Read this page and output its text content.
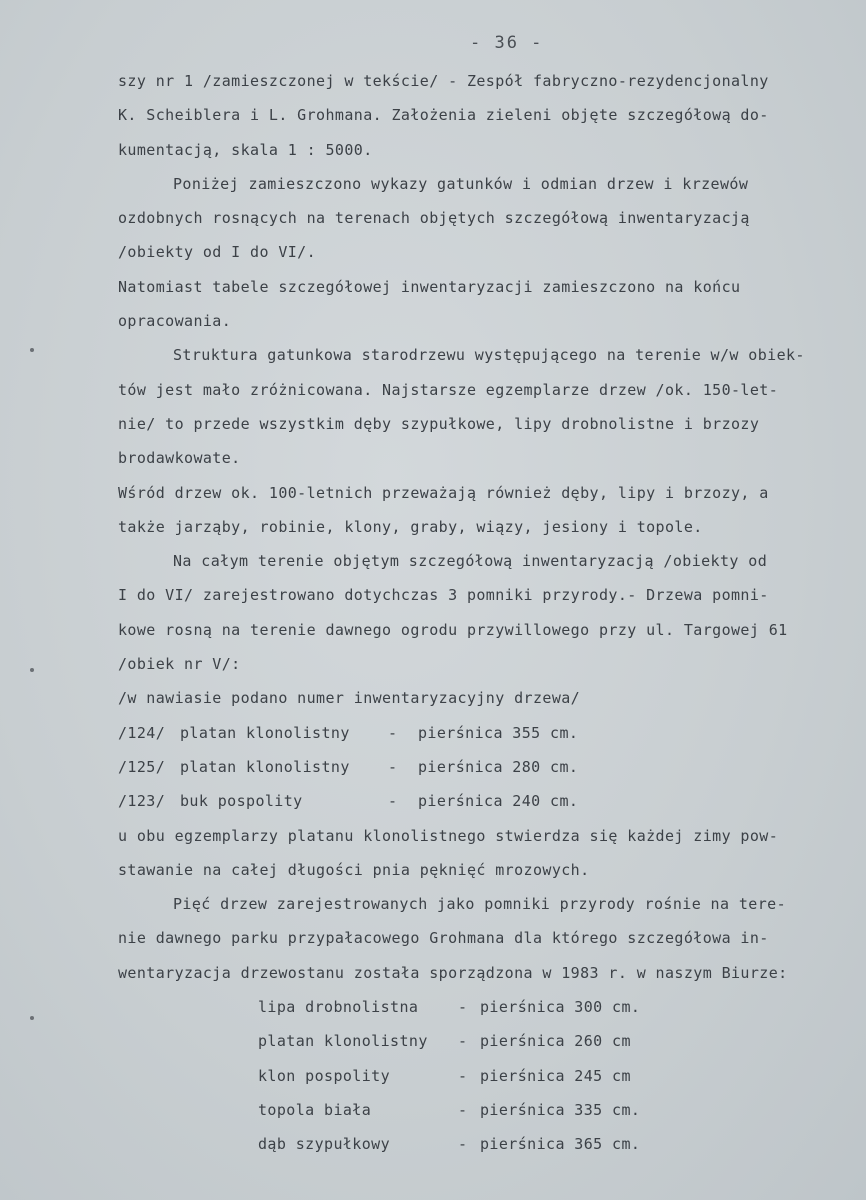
- 36 -
szy nr 1 /zamieszczonej w tekście/ - Zespół fabryczno-rezydencjonalny
K. Scheiblera i L. Grohmana. Założenia zieleni objęte szczegółową do-
kumentacją, skala 1 : 5000.
Poniżej zamieszczono wykazy gatunków i odmian drzew i krzewów
ozdobnych rosnących na terenach objętych szczegółową inwentaryzacją
/obiekty od I do VI/.
Natomiast tabele szczegółowej inwentaryzacji zamieszczono na końcu
opracowania.
Struktura gatunkowa starodrzewu występującego na terenie w/w obiek-
tów jest mało zróżnicowana. Najstarsze egzemplarze drzew /ok. 150-let-
nie/ to przede wszystkim dęby szypułkowe, lipy drobnolistne i brzozy
brodawkowate.
Wśród drzew ok. 100-letnich przeważają również dęby, lipy i brzozy, a
także jarząby, robinie, klony, graby, wiązy, jesiony i topole.
Na całym terenie objętym szczegółową inwentaryzacją /obiekty od
I do VI/ zarejestrowano dotychczas 3 pomniki przyrody.- Drzewa pomni-
kowe rosną na terenie dawnego ogrodu przywillowego przy ul. Targowej 61
/obiek nr V/:
/w nawiasie podano numer inwentaryzacyjny drzewa/
/124/ platan klonolistny	-	pierśnica 355 cm.
/125/ platan klonolistny	-	pierśnica 280 cm.
/123/ buk pospolity	-	pierśnica 240 cm.
u obu egzemplarzy platanu klonolistnego stwierdza się każdej zimy pow-
stawanie na całej długości pnia pęknięć mrozowych.
Pięć drzew zarejestrowanych jako pomniki przyrody rośnie na tere-
nie dawnego parku przypałacowego Grohmana dla którego szczegółowa in-
wentaryzacja drzewostanu została sporządzona w 1983 r. w naszym Biurze:
lipa drobnolistna	- pierśnica 300 cm.
platan klonolistny	- pierśnica 260 cm
klon pospolity	- pierśnica 245 cm
topola biała	- pierśnica 335 cm.
dąb szypułkowy	- pierśnica 365 cm.
